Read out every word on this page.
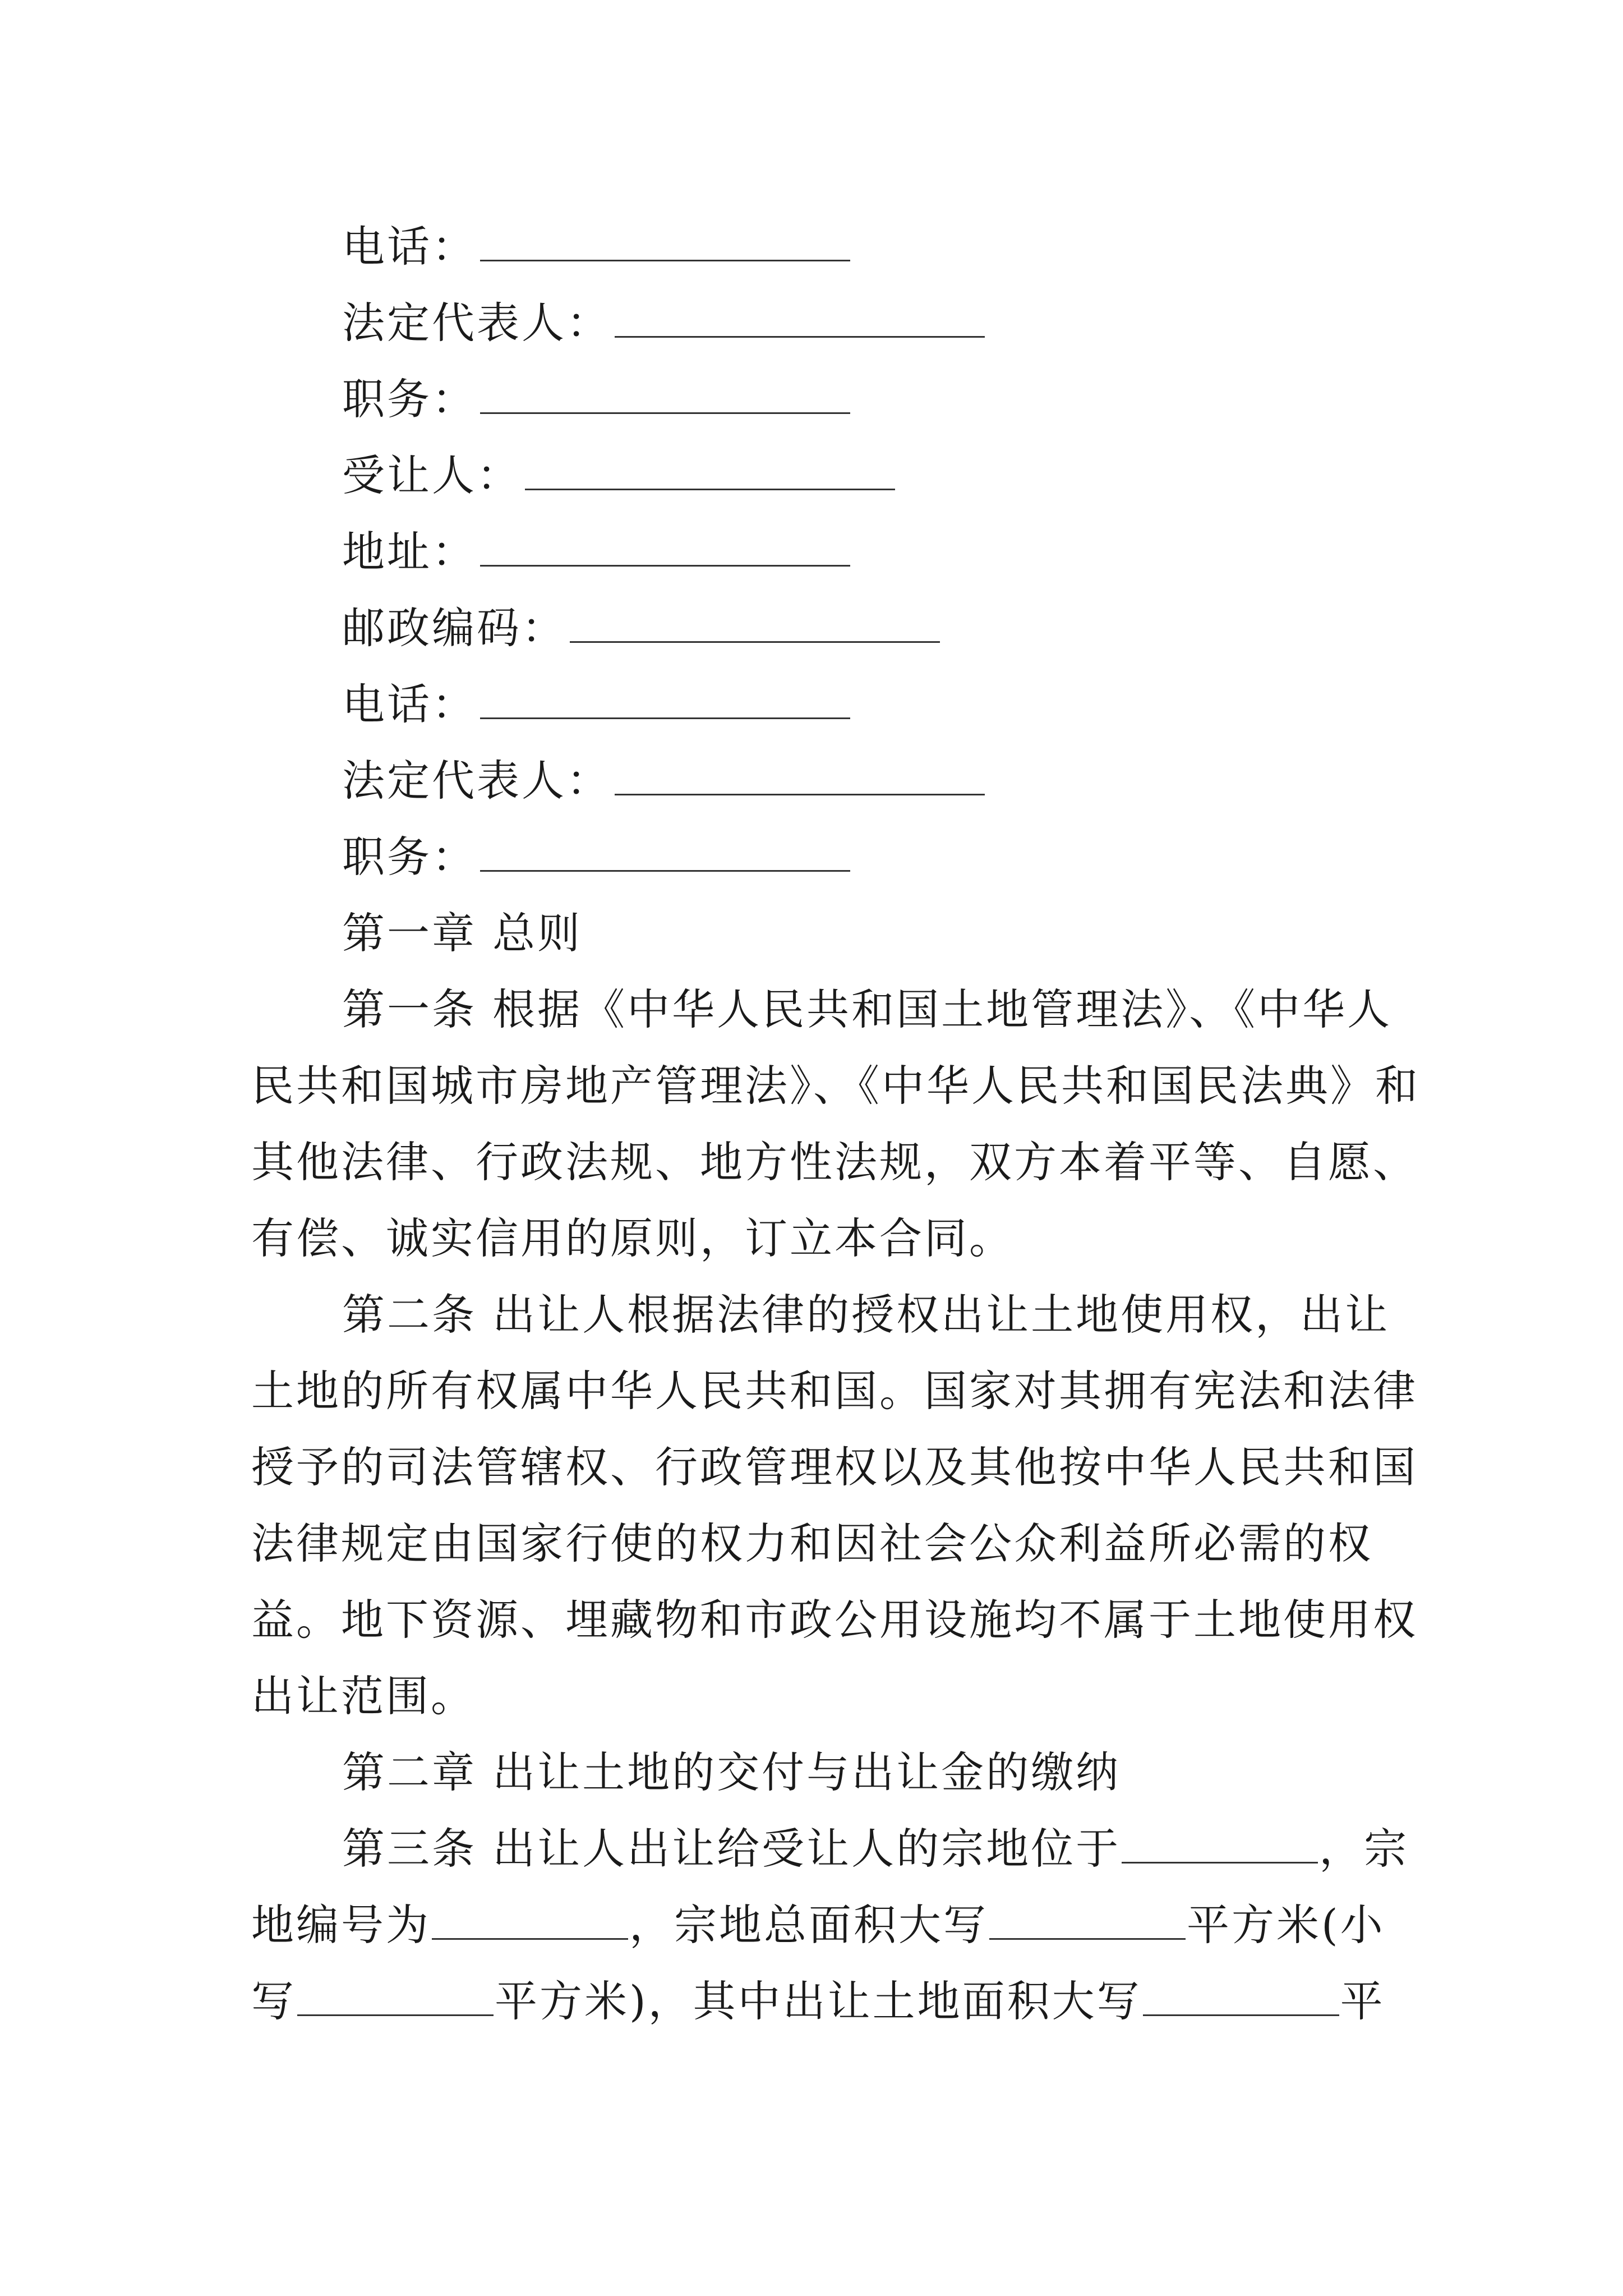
电话：
法定代表人：
职务：
受让人：
地址：
邮政编码：
电话：
法定代表人：
职务：
第一章 总则
第一条 根据《中华人民共和国土地管理法》、《中华人
民共和国城市房地产管理法》、《中华人民共和国民法典》和
其他法律、行政法规、地方性法规，双方本着平等、自愿、
有偿、诚实信用的原则，订立本合同。
第二条 出让人根据法律的授权出让土地使用权，出让
土地的所有权属中华人民共和国。国家对其拥有宪法和法律
授予的司法管辖权、行政管理权以及其他按中华人民共和国
法律规定由国家行使的权力和因社会公众利益所必需的权
益。地下资源、埋藏物和市政公用设施均不属于土地使用权
出让范围。
第二章 出让土地的交付与出让金的缴纳
第三条 出让人出让给受让人的宗地位于	，宗
地编号为	，宗地总面积大写	平方米(小
写	平方米)，其中出让土地面积大写	平
